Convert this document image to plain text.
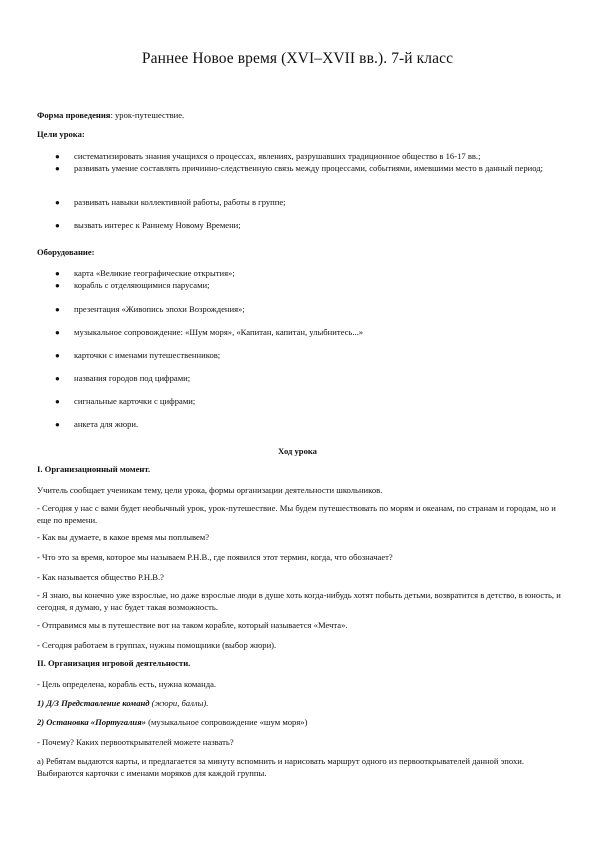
Раннее Новое время (XVI–XVII вв.). 7-й класс
Форма проведения: урок-путешествие.
Цели урока:
●	систематизировать знания учащихся о процессах, явлениях, разрушавших традиционное общество в 16-17 вв.;
●	развивать умение составлять причинно-следственную связь между процессами, событиями, имевшими место в данный период;
●	развивать навыки коллективной работы, работы в группе;
●	вызвать интерес к Раннему Новому Времени;
Оборудование:
●	карта «Великие географические открытия»;
●	корабль с отделяющимися парусами;
●	презентация «Живопись эпохи Возрождения»;
●	музыкальное сопровождение: «Шум моря», «Капитан, капитан, улыбнитесь...»
●	карточки с именами путешественников;
●	названия городов под цифрами;
●	сигнальные карточки с цифрами;
●	анкета для жюри.
Ход урока
I. Организационный момент.
Учитель сообщает ученикам тему, цели урока, формы организации деятельности школьников.
- Сегодня у нас с вами будет необычный урок, урок-путешествие. Мы будем путешествовать по морям и океанам, по странам и городам, но и еще по времени.
- Как вы думаете, в какое время мы поплывем?
- Что это за время, которое мы называем Р.Н.В., где появился этот термин, когда, что обозначает?
- Как называется общество Р.Н.В.?
- Я знаю, вы конечно уже взрослые, но даже взрослые люди в душе хоть когда-нибудь хотят побыть детьми, возвратится в детство, в юность, и сегодня, я думаю, у нас будет такая возможность.
- Отправимся мы в путешествие вот на таком корабле, который называется «Мечта».
- Сегодня работаем в группах, нужны помощники (выбор жюри).
II. Организация игровой деятельности.
- Цель определена, корабль есть, нужна команда.
1) Д/З Представление команд (жюри, баллы).
2) Остановка «Португалия» (музыкальное сопровождение «шум моря»)
- Почему? Каких первооткрывателей можете назвать?
а) Ребятам выдаются карты, и предлагается за минуту вспомнить и нарисовать маршрут одного из первооткрывателей данной эпохи. Выбираются карточки с именами моряков для каждой группы.
